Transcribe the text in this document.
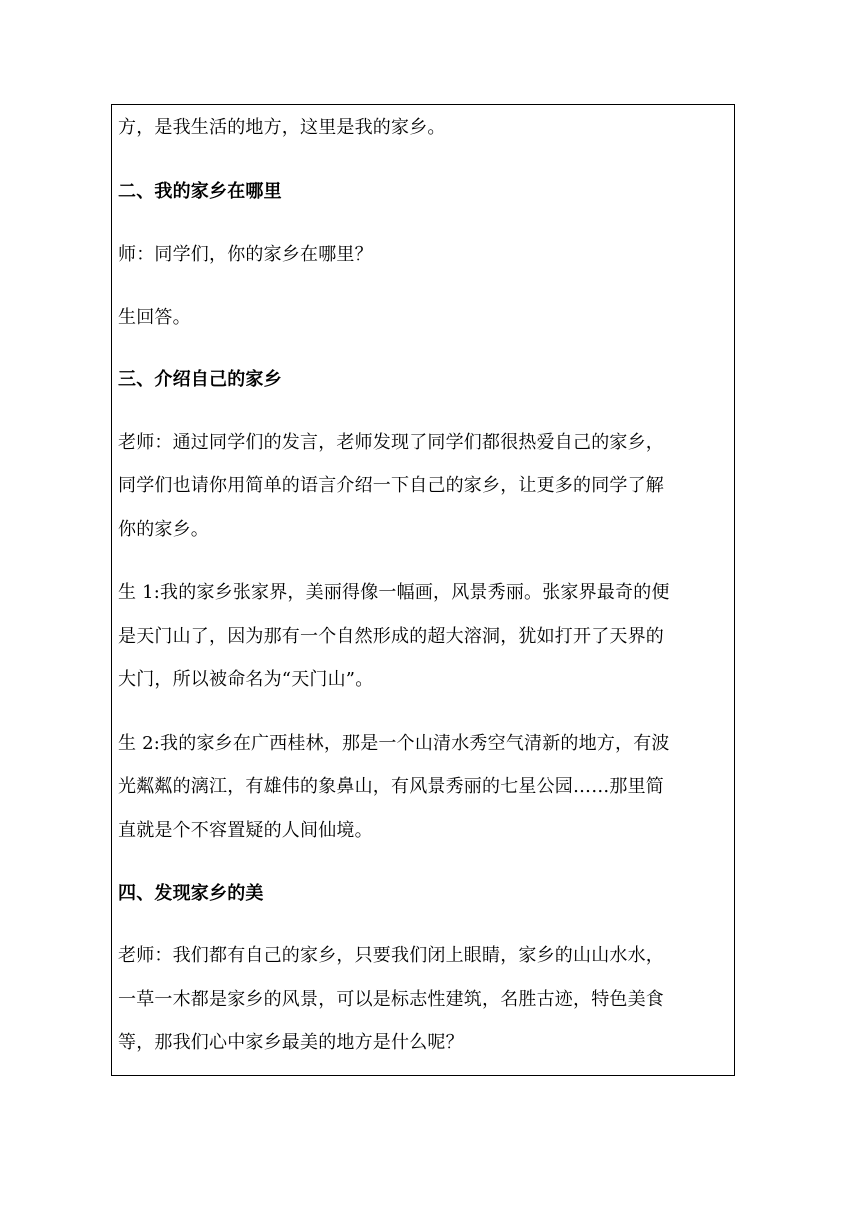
方，是我生活的地方，这里是我的家乡。
二、我的家乡在哪里
师：同学们，你的家乡在哪里？
生回答。
三、介绍自己的家乡
老师：通过同学们的发言，老师发现了同学们都很热爱自己的家乡，
同学们也请你用简单的语言介绍一下自己的家乡，让更多的同学了解
你的家乡。
生 1:我的家乡张家界，美丽得像一幅画，风景秀丽。张家界最奇的便
是天门山了，因为那有一个自然形成的超大溶洞，犹如打开了天界的
大门，所以被命名为“天门山”。
生 2:我的家乡在广西桂林，那是一个山清水秀空气清新的地方，有波
光粼粼的漓江，有雄伟的象鼻山，有风景秀丽的七星公园……那里简
直就是个不容置疑的人间仙境。
四、发现家乡的美
老师：我们都有自己的家乡，只要我们闭上眼睛，家乡的山山水水，
一草一木都是家乡的风景，可以是标志性建筑，名胜古迹，特色美食
等，那我们心中家乡最美的地方是什么呢？
